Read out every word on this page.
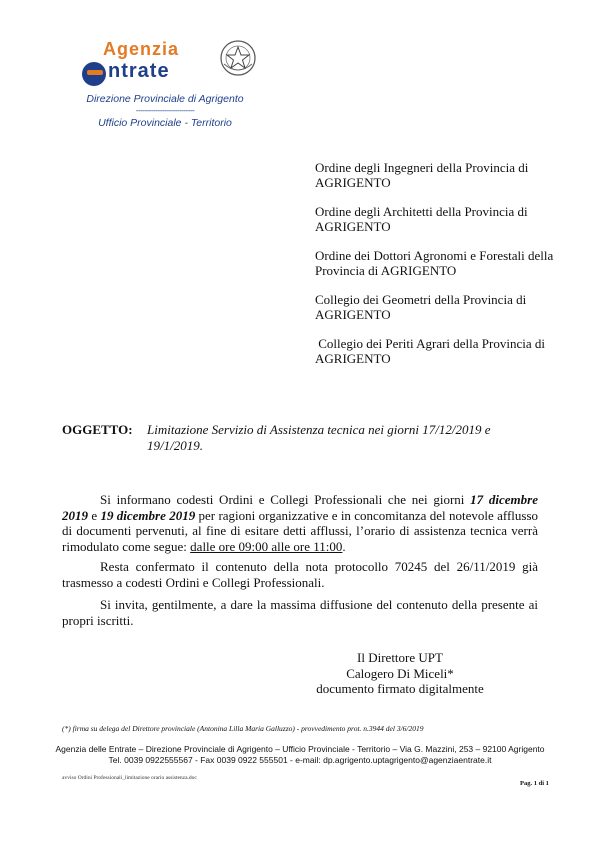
Agenzia
ntrate
Direzione Provinciale di Agrigento
---------------------------
Ufficio Provinciale - Territorio
Ordine degli Ingegneri della Provincia di AGRIGENTO
Ordine degli Architetti della Provincia di AGRIGENTO
Ordine dei Dottori Agronomi e Forestali della Provincia di AGRIGENTO
Collegio dei Geometri della Provincia di AGRIGENTO
Collegio dei Periti Agrari della Provincia di AGRIGENTO
OGGETTO: Limitazione Servizio di Assistenza tecnica nei giorni 17/12/2019 e 19/1/2019.
Si informano codesti Ordini e Collegi Professionali che nei giorni 17 dicembre 2019 e 19 dicembre 2019 per ragioni organizzative e in concomitanza del notevole afflusso di documenti pervenuti, al fine di esitare detti afflussi, l’orario di assistenza tecnica verrà rimodulato come segue: dalle ore 09:00 alle ore 11:00.
Resta confermato il contenuto della nota protocollo 70245 del 26/11/2019 già trasmesso a codesti Ordini e Collegi Professionali.
Si invita, gentilmente, a dare la massima diffusione del contenuto della presente ai propri iscritti.
Il Direttore UPT
Calogero Di Miceli*
documento firmato digitalmente
(*) firma su delega del Direttore provinciale (Antonina Lilla Maria Galluzzo) - provvedimento prot. n.3944 del 3/6/2019
Agenzia delle Entrate – Direzione Provinciale di Agrigento – Ufficio Provinciale - Territorio – Via G. Mazzini, 253 – 92100 Agrigento
Tel. 0039 0922555567 - Fax 0039 0922 555501 - e-mail: dp.agrigento.uptagrigento@agenziaentrate.it
avviso Ordini Professionali_limitazione orario assistenza.doc
Pag. 1 di 1
